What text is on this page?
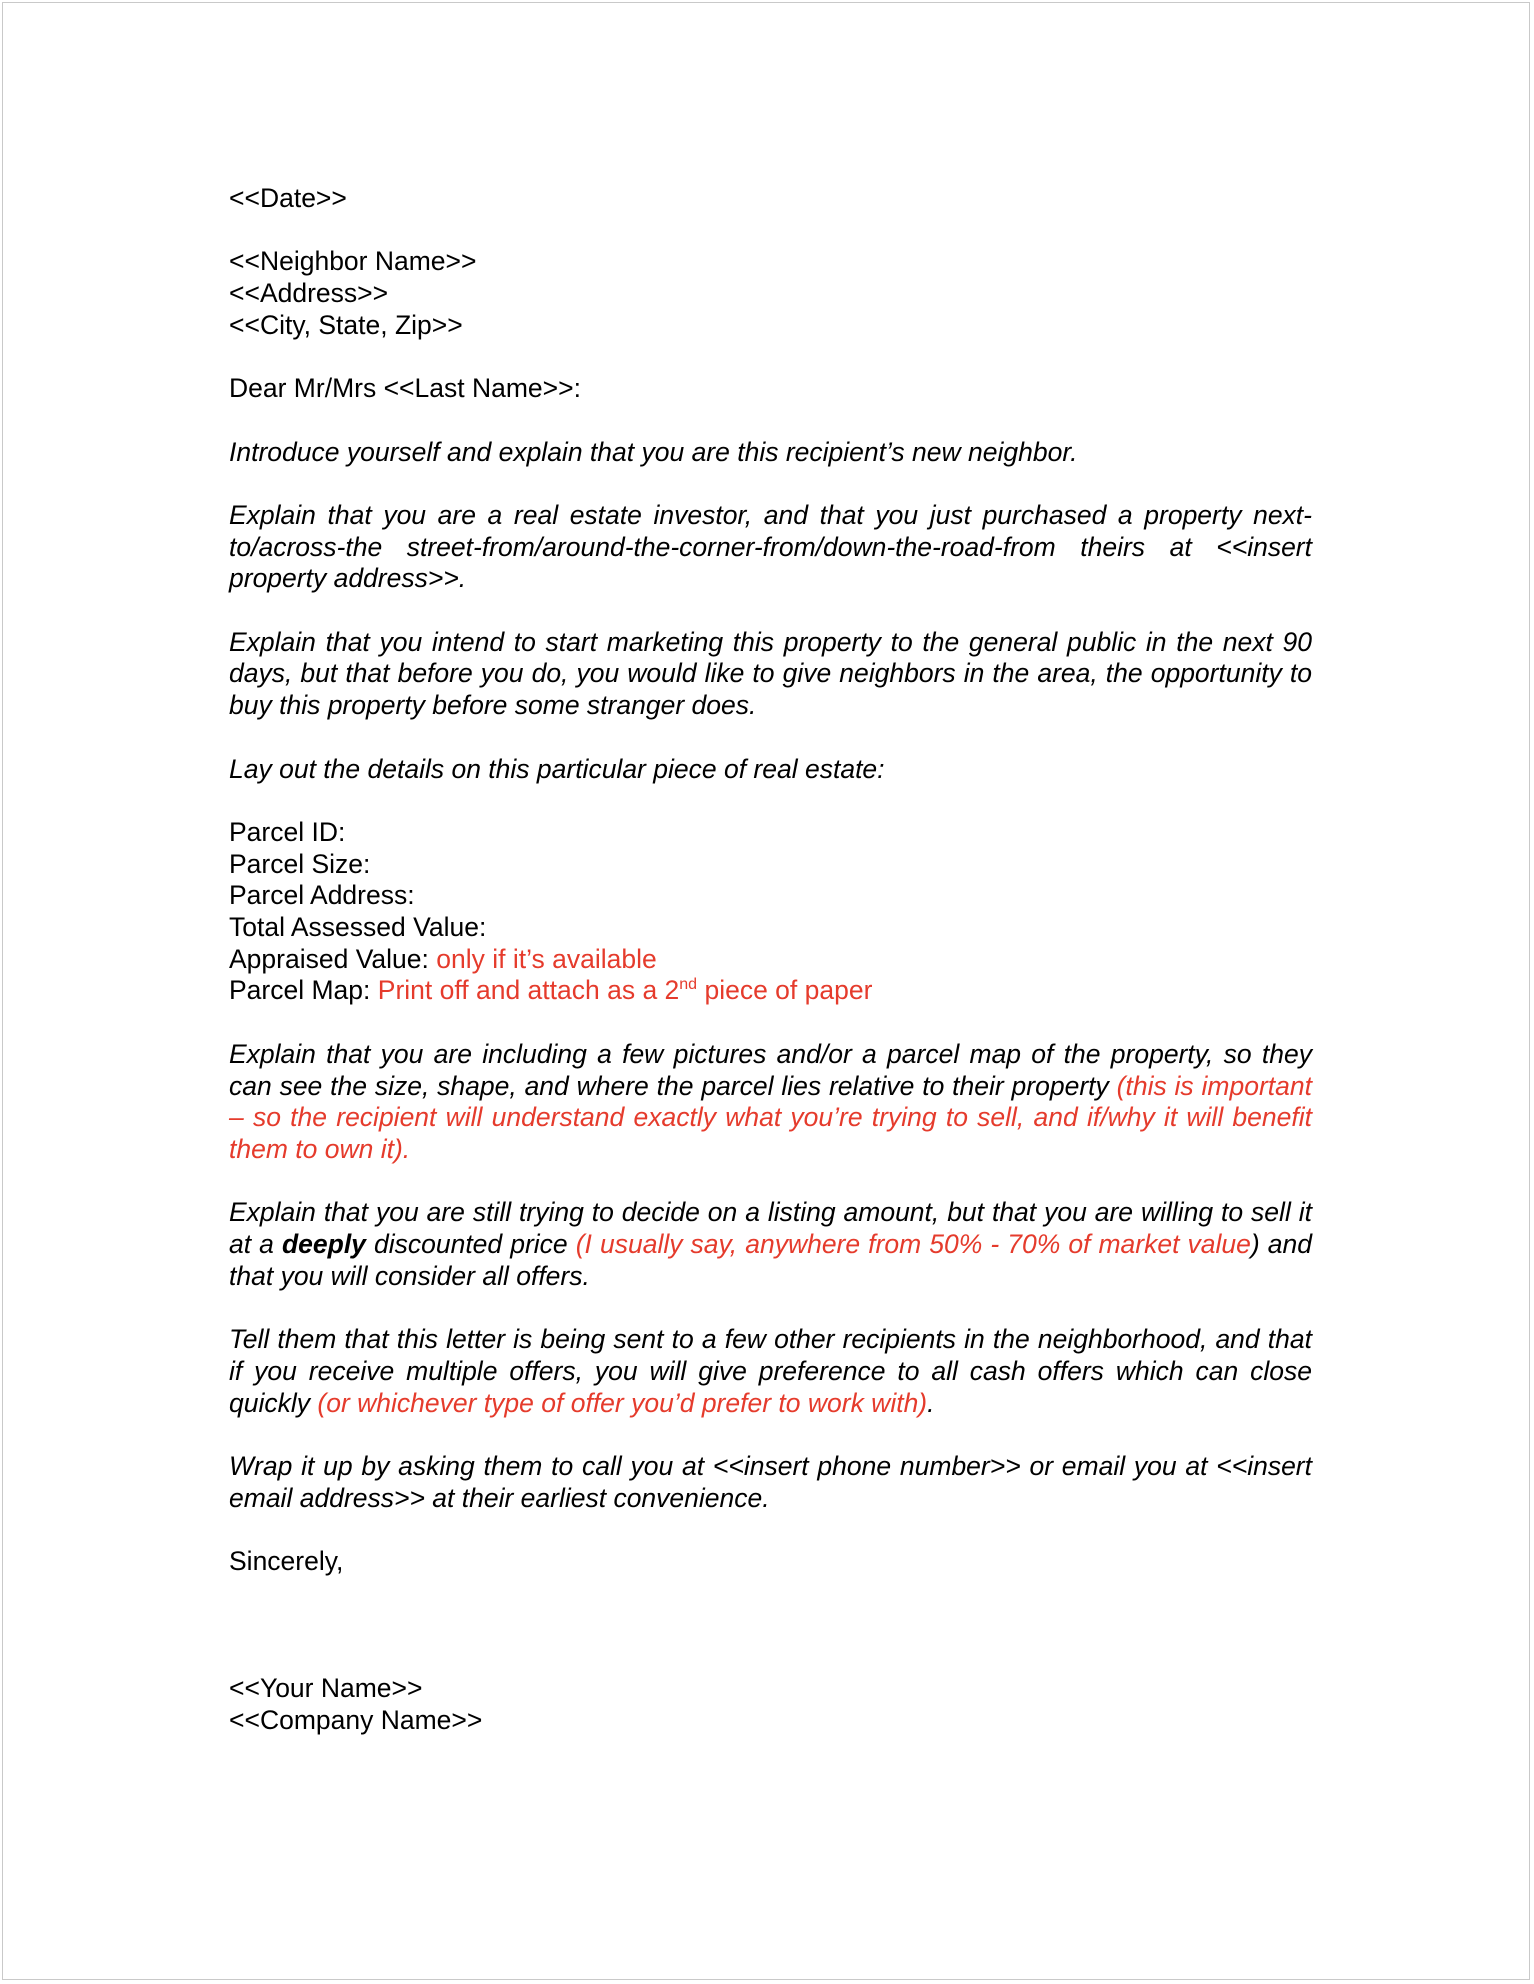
<<Date>>
<<Neighbor Name>>
<<Address>>
<<City, State, Zip>>
Dear Mr/Mrs <<Last Name>>:
Introduce yourself and explain that you are this recipient’s new neighbor.
Explain that you are a real estate investor, and that you just purchased a property next-to/across-the street-from/around-the-corner-from/down-the-road-from theirs at <<insert property address>>.
Explain that you intend to start marketing this property to the general public in the next 90 days, but that before you do, you would like to give neighbors in the area, the opportunity to buy this property before some stranger does.
Lay out the details on this particular piece of real estate:
Parcel ID:
Parcel Size:
Parcel Address:
Total Assessed Value:
Appraised Value: only if it’s available
Parcel Map: Print off and attach as a 2nd piece of paper
Explain that you are including a few pictures and/or a parcel map of the property, so they can see the size, shape, and where the parcel lies relative to their property (this is important – so the recipient will understand exactly what you’re trying to sell, and if/why it will benefit them to own it).
Explain that you are still trying to decide on a listing amount, but that you are willing to sell it at a deeply discounted price (I usually say, anywhere from 50% - 70% of market value) and that you will consider all offers.
Tell them that this letter is being sent to a few other recipients in the neighborhood, and that if you receive multiple offers, you will give preference to all cash offers which can close quickly (or whichever type of offer you’d prefer to work with).
Wrap it up by asking them to call you at <<insert phone number>> or email you at <<insert email address>> at their earliest convenience.
Sincerely,
<<Your Name>>
<<Company Name>>
